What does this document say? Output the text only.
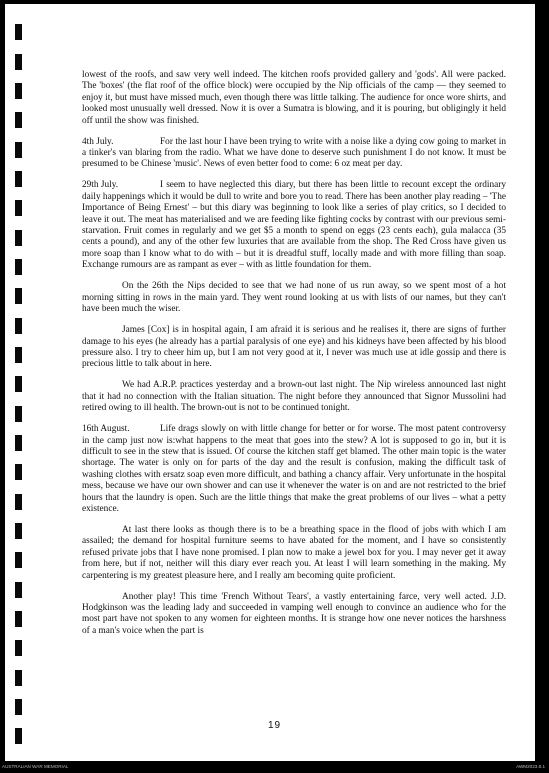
lowest of the roofs, and saw very well indeed. The kitchen roofs provided gallery and 'gods'. All were packed. The 'boxes' (the flat roof of the office block) were occupied by the Nip officials of the camp — they seemed to enjoy it, but must have missed much, even though there was little talking. The audience for once wore shirts, and looked most unusually well dressed. Now it is over a Sumatra is blowing, and it is pouring, but obligingly it held off until the show was finished.

4th July.	For the last hour I have been trying to write with a noise like a dying cow going to market in a tinker's van blaring from the radio. What we have done to deserve such punishment I do not know. It must be presumed to be Chinese 'music'. News of even better food to come: 6 oz meat per day.

29th July.	I seem to have neglected this diary, but there has been little to recount except the ordinary daily happenings which it would be dull to write and bore you to read. There has been another play reading – 'The Importance of Being Ernest' – but this diary was beginning to look like a series of play critics, so I decided to leave it out. The meat has materialised and we are feeding like fighting cocks by contrast with our previous semi-starvation. Fruit comes in regularly and we get $5 a month to spend on eggs (23 cents each), gula malacca (35 cents a pound), and any of the other few luxuries that are available from the shop. The Red Cross have given us more soap than I know what to do with – but it is dreadful stuff, locally made and with more filling than soap. Exchange rumours are as rampant as ever – with as little foundation for them.

On the 26th the Nips decided to see that we had none of us run away, so we spent most of a hot morning sitting in rows in the main yard. They went round looking at us with lists of our names, but they can't have been much the wiser.

James [Cox] is in hospital again, I am afraid it is serious and he realises it, there are signs of further damage to his eyes (he already has a partial paralysis of one eye) and his kidneys have been affected by his blood pressure also. I try to cheer him up, but I am not very good at it, I never was much use at idle gossip and there is precious little to talk about in here.

We had A.R.P. practices yesterday and a brown-out last night. The Nip wireless announced last night that it had no connection with the Italian situation. The night before they announced that Signor Mussolini had retired owing to ill health. The brown-out is not to be continued tonight.

16th August.	Life drags slowly on with little change for better or for worse. The most patent controversy in the camp just now is:what happens to the meat that goes into the stew? A lot is supposed to go in, but it is difficult to see in the stew that is issued. Of course the kitchen staff get blamed. The other main topic is the water shortage. The water is only on for parts of the day and the result is confusion, making the difficult task of washing clothes with ersatz soap even more difficult, and bathing a chancy affair. Very unfortunate in the hospital mess, because we have our own shower and can use it whenever the water is on and are not restricted to the brief hours that the laundry is open. Such are the little things that make the great problems of our lives – what a petty existence.

At last there looks as though there is to be a breathing space in the flood of jobs with which I am assailed; the demand for hospital furniture seems to have abated for the moment, and I have so consistently refused private jobs that I have none promised. I plan now to make a jewel box for you. I may never get it away from here, but if not, neither will this diary ever reach you. At least I will learn something in the making. My carpentering is my greatest pleasure here, and I really am becoming quite proficient.

Another play! This time 'French Without Tears', a vastly entertaining farce, very well acted. J.D. Hodgkinson was the leading lady and succeeded in vamping well enough to convince an audience who for the most part have not spoken to any women for eighteen months. It is strange how one never notices the harshness of a man's voice when the part is

19
AUSTRALIAN WAR MEMORIAL	AWM2023.8.1
